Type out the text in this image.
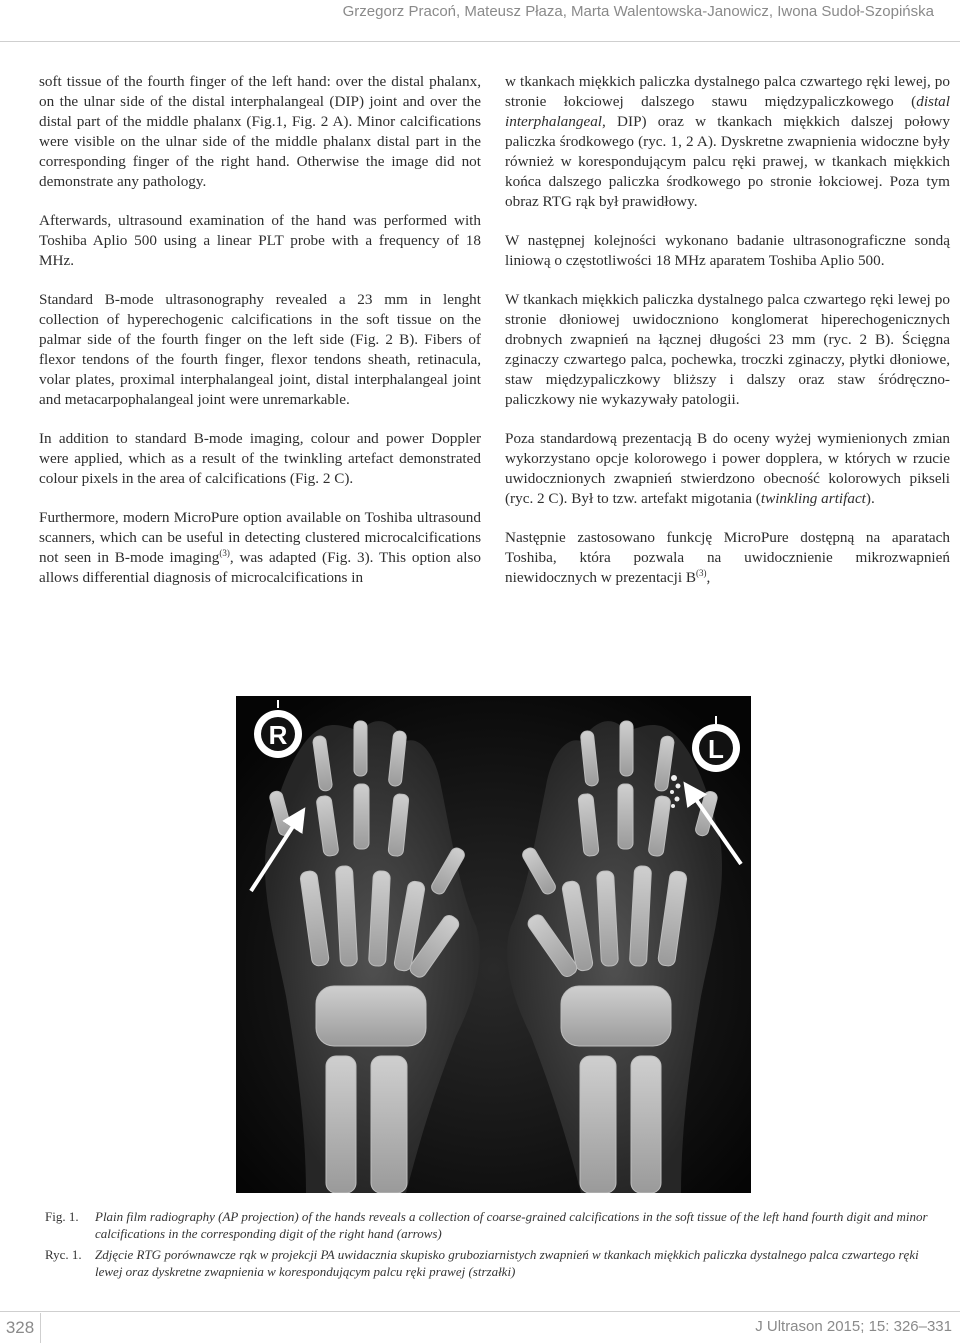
Grzegorz Pracoń, Mateusz Płaza, Marta Walentowska-Janowicz, Iwona Sudoł-Szopińska

soft tissue of the fourth finger of the left hand: over the distal phalanx, on the ulnar side of the distal interphalangeal (DIP) joint and over the distal part of the middle phalanx (Fig.1, Fig. 2 A). Minor calcifications were visible on the ulnar side of the middle phalanx distal part in the corresponding finger of the right hand. Otherwise the image did not demonstrate any pathology.

Afterwards, ultrasound examination of the hand was performed with Toshiba Aplio 500 using a linear PLT probe with a frequency of 18 MHz.

Standard B-mode ultrasonography revealed a 23 mm in lenght collection of hyperechogenic calcifications in the soft tissue on the palmar side of the fourth finger on the left side (Fig. 2 B). Fibers of flexor tendons of the fourth finger, flexor tendons sheath, retinacula, volar plates, proximal interphalangeal joint, distal interphalangeal joint and metacarpophalangeal joint were unremarkable.

In addition to standard B-mode imaging, colour and power Doppler were applied, which as a result of the twinkling artefact demonstrated colour pixels in the area of calcifications (Fig. 2 C).

Furthermore, modern MicroPure option available on Toshiba ultrasound scanners, which can be useful in detecting clustered microcalcifications not seen in B-mode imaging$^{(3)}$, was adapted (Fig. 3). This option also allows differential diagnosis of microcalcifications in

w tkankach miękkich paliczka dystalnego palca czwartego ręki lewej, po stronie łokciowej dalszego stawu międzypaliczkowego (distal interphalangeal, DIP) oraz w tkankach miękkich dalszej połowy paliczka środkowego (ryc. 1, 2 A). Dyskretne zwapnienia widoczne były również w korespondującym palcu ręki prawej, w tkankach miękkich końca dalszego paliczka środkowego po stronie łokciowej. Poza tym obraz RTG rąk był prawidłowy.

W następnej kolejności wykonano badanie ultrasonograficzne sondą liniową o częstotliwości 18 MHz aparatem Toshiba Aplio 500.

W tkankach miękkich paliczka dystalnego palca czwartego ręki lewej po stronie dłoniowej uwidoczniono konglomerat hiperechogenicznych drobnych zwapnień na łącznej długości 23 mm (ryc. 2 B). Ścięgna zginaczy czwartego palca, pochewka, troczki zginaczy, płytki dłoniowe, staw międzypaliczkowy bliższy i dalszy oraz staw śródręczno-paliczkowy nie wykazywały patologii.

Poza standardową prezentacją B do oceny wyżej wymienionych zmian wykorzystano opcje kolorowego i power dopplera, w których w rzucie uwidocznionych zwapnień stwierdzono obecność kolorowych pikseli (ryc. 2 C). Był to tzw. artefakt migotania (twinkling artifact).

Następnie zastosowano funkcję MicroPure dostępną na aparatach Toshiba, która pozwala na uwidocznienie mikrozwapnień niewidocznych w prezentacji $B^{(3)}$,

R	L
Fig. 1.	Plain film radiography (AP projection) of the hands reveals a collection of coarse-grained calcifications in the soft tissue of the left hand fourth digit and minor calcifications in the corresponding digit of the right hand (arrows)
Ryc. 1.	Zdjęcie RTG porównawcze rąk w projekcji PA uwidacznia skupisko gruboziarnistych zwapnień w tkankach miękkich paliczka dystalnego palca czwartego ręki lewej oraz dyskretne zwapnienia w korespondującym palcu ręki prawej (strzałki)
328	J Ultrason 2015; 15: 326–331
